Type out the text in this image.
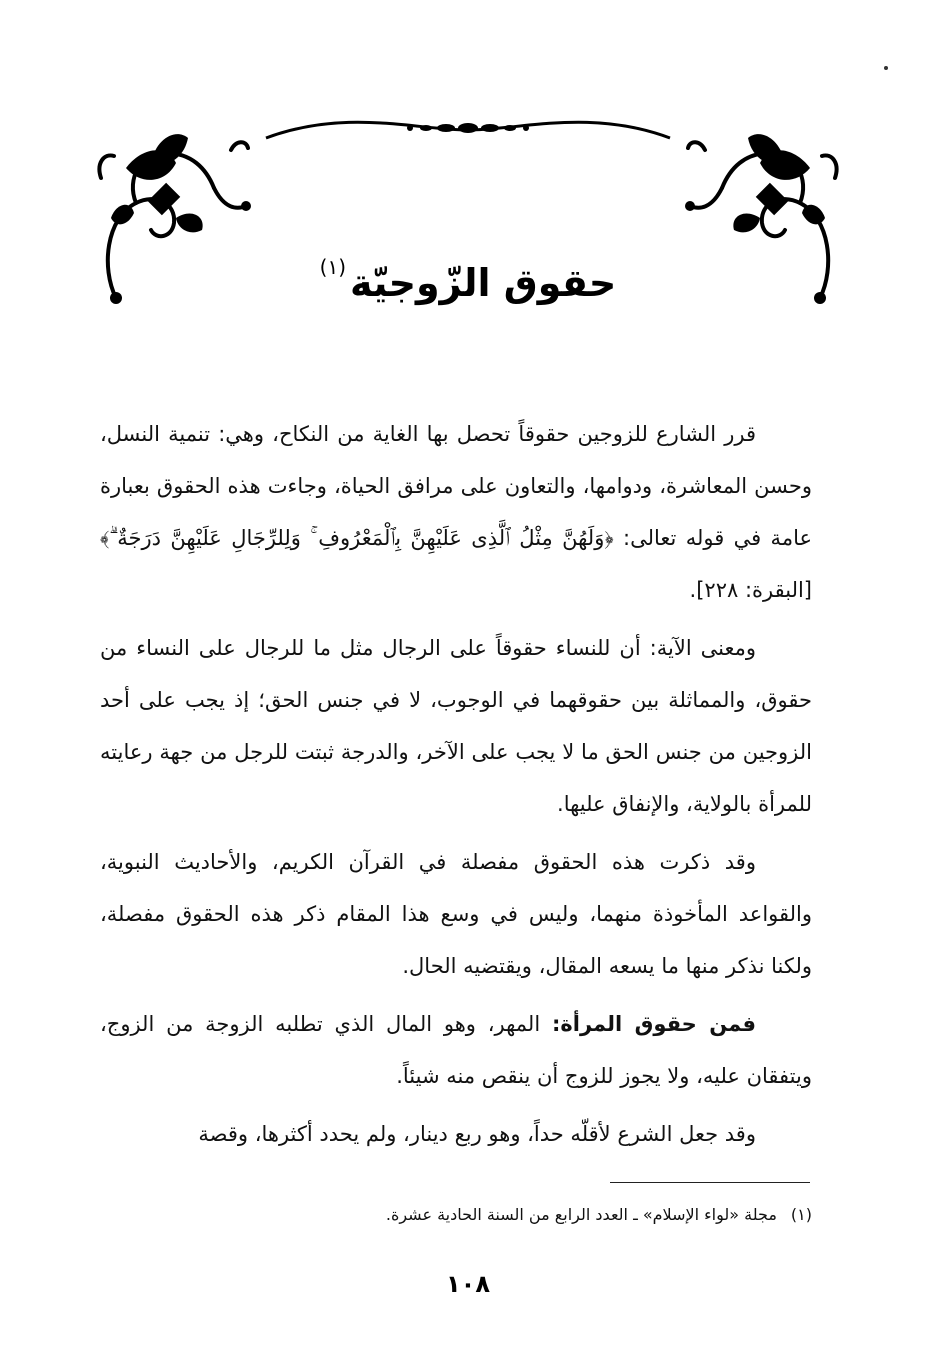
حقوق الزّوجيّة$^{(١)}$

قرر الشارع للزوجين حقوقاً تحصل بها الغاية من النكاح، وهي: تنمية النسل، وحسن المعاشرة، ودوامها، والتعاون على مرافق الحياة، وجاءت هذه الحقوق بعبارة عامة في قوله تعالى: ﴿وَلَهُنَّ مِثْلُ ٱلَّذِى عَلَيْهِنَّ بِٱلْمَعْرُوفِ ۚ وَلِلرِّجَالِ عَلَيْهِنَّ دَرَجَةٌ ۗ﴾[البقرة: ٢٢٨].

ومعنى الآية: أن للنساء حقوقاً على الرجال مثل ما للرجال على النساء من حقوق، والمماثلة بين حقوقهما في الوجوب، لا في جنس الحق؛ إذ يجب على أحد الزوجين من جنس الحق ما لا يجب على الآخر، والدرجة ثبتت للرجل من جهة رعايته للمرأة بالولاية، والإنفاق عليها.

وقد ذكرت هذه الحقوق مفصلة في القرآن الكريم، والأحاديث النبوية، والقواعد المأخوذة منهما، وليس في وسع هذا المقام ذكر هذه الحقوق مفصلة، ولكنا نذكر منها ما يسعه المقال، ويقتضيه الحال.

فمن حقوق المرأة: المهر، وهو المال الذي تطلبه الزوجة من الزوج، ويتفقان عليه، ولا يجوز للزوج أن ينقص منه شيئاً.

وقد جعل الشرع لأقلّه حداً، وهو ربع دينار، ولم يحدد أكثرها، وقصة

(١)مجلة «لواء الإسلام» ـ العدد الرابع من السنة الحادية عشرة.
١٠٨
